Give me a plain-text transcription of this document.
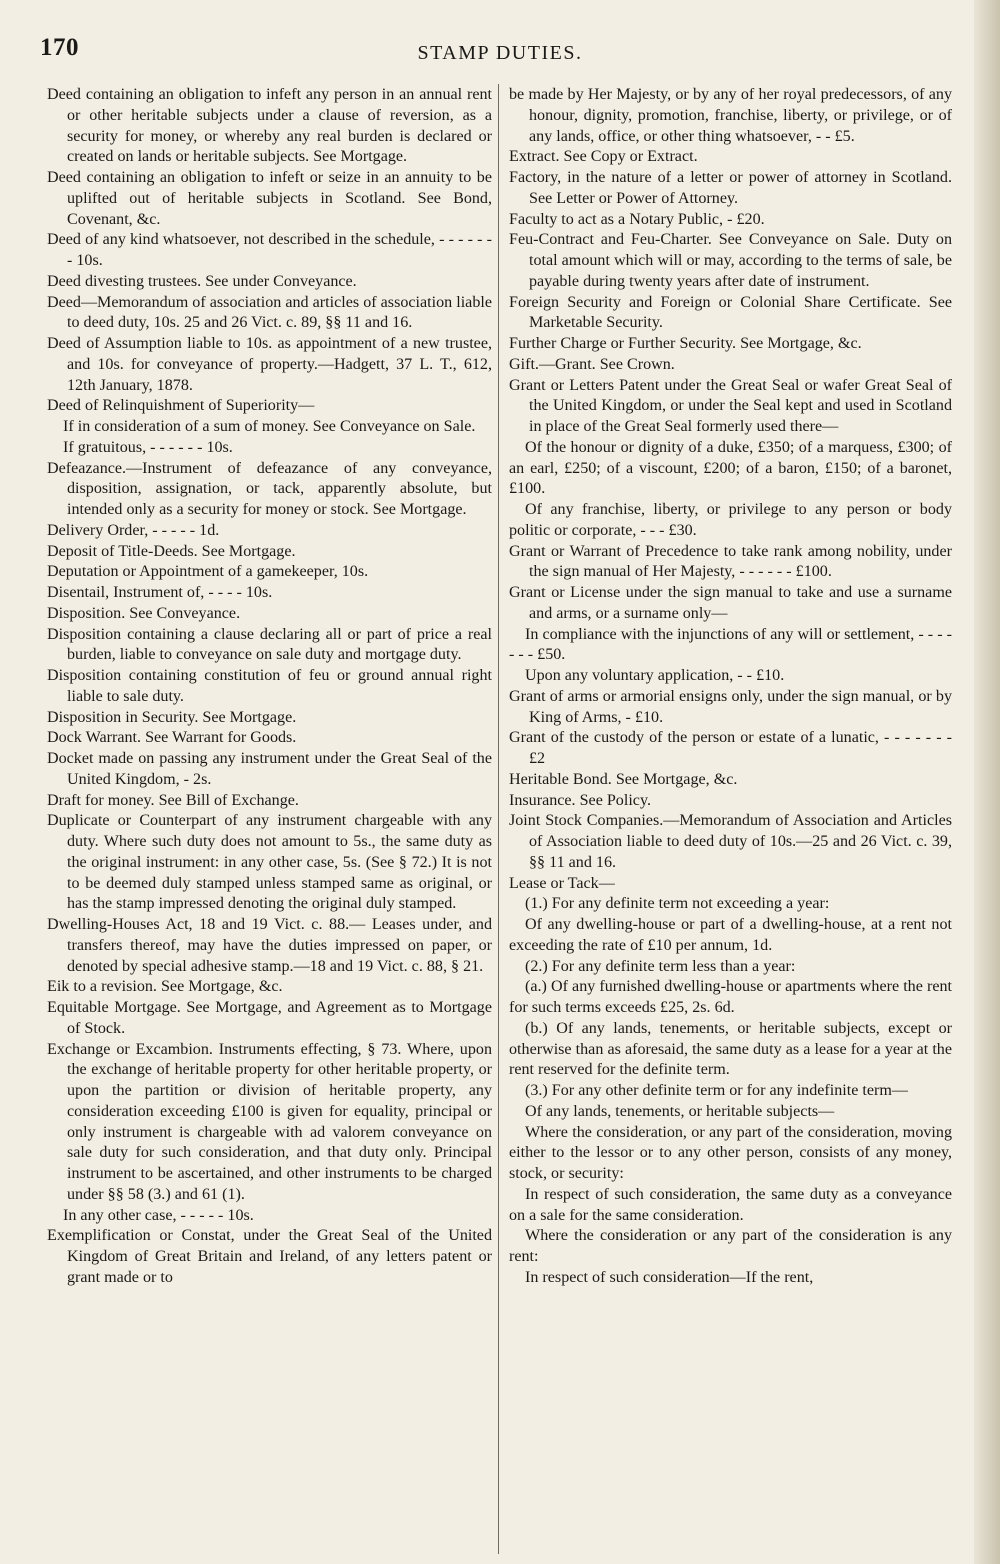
170	STAMP DUTIES.

Deed containing an obligation to infeft any person in an annual rent or other heritable subjects under a clause of reversion, as a security for money, or whereby any real burden is declared or created on lands or heritable subjects. See Mortgage.

Deed containing an obligation to infeft or seize in an annuity to be uplifted out of heritable subjects in Scotland. See Bond, Covenant, &c.

Deed of any kind whatsoever, not described in the schedule, - - - - - - - 10s.

Deed divesting trustees. See under Conveyance.

Deed—Memorandum of association and articles of association liable to deed duty, 10s. 25 and 26 Vict. c. 89, §§ 11 and 16.

Deed of Assumption liable to 10s. as appointment of a new trustee, and 10s. for conveyance of property.—Hadgett, 37 L. T., 612, 12th January, 1878.

Deed of Relinquishment of Superiority—

If in consideration of a sum of money. See Conveyance on Sale.

If gratuitous, - - - - - - 10s.

Defeazance.—Instrument of defeazance of any conveyance, disposition, assignation, or tack, apparently absolute, but intended only as a security for money or stock. See Mortgage.

Delivery Order, - - - - - 1d.

Deposit of Title-Deeds. See Mortgage.

Deputation or Appointment of a gamekeeper, 10s.

Disentail, Instrument of, - - - - 10s.

Disposition. See Conveyance.

Disposition containing a clause declaring all or part of price a real burden, liable to conveyance on sale duty and mortgage duty.

Disposition containing constitution of feu or ground annual right liable to sale duty.

Disposition in Security. See Mortgage.

Dock Warrant. See Warrant for Goods.

Docket made on passing any instrument under the Great Seal of the United Kingdom, - 2s.

Draft for money. See Bill of Exchange.

Duplicate or Counterpart of any instrument chargeable with any duty. Where such duty does not amount to 5s., the same duty as the original instrument: in any other case, 5s. (See § 72.) It is not to be deemed duly stamped unless stamped same as original, or has the stamp impressed denoting the original duly stamped.

Dwelling-Houses Act, 18 and 19 Vict. c. 88.— Leases under, and transfers thereof, may have the duties impressed on paper, or denoted by special adhesive stamp.—18 and 19 Vict. c. 88, § 21.

Eik to a revision. See Mortgage, &c.

Equitable Mortgage. See Mortgage, and Agreement as to Mortgage of Stock.

Exchange or Excambion. Instruments effecting, § 73. Where, upon the exchange of heritable property for other heritable property, or upon the partition or division of heritable property, any consideration exceeding £100 is given for equality, principal or only instrument is chargeable with ad valorem conveyance on sale duty for such consideration, and that duty only. Principal instrument to be ascertained, and other instruments to be charged under §§ 58 (3.) and 61 (1).

In any other case, - - - - - 10s.

Exemplification or Constat, under the Great Seal of the United Kingdom of Great Britain and Ireland, of any letters patent or grant made or to

be made by Her Majesty, or by any of her royal predecessors, of any honour, dignity, promotion, franchise, liberty, or privilege, or of any lands, office, or other thing whatsoever, - - £5.

Extract. See Copy or Extract.

Factory, in the nature of a letter or power of attorney in Scotland. See Letter or Power of Attorney.

Faculty to act as a Notary Public, - £20.

Feu-Contract and Feu-Charter. See Conveyance on Sale. Duty on total amount which will or may, according to the terms of sale, be payable during twenty years after date of instrument.

Foreign Security and Foreign or Colonial Share Certificate. See Marketable Security.

Further Charge or Further Security. See Mortgage, &c.

Gift.—Grant. See Crown.

Grant or Letters Patent under the Great Seal or wafer Great Seal of the United Kingdom, or under the Seal kept and used in Scotland in place of the Great Seal formerly used there—

Of the honour or dignity of a duke, £350; of a marquess, £300; of an earl, £250; of a viscount, £200; of a baron, £150; of a baronet, £100.

Of any franchise, liberty, or privilege to any person or body politic or corporate, - - - £30.

Grant or Warrant of Precedence to take rank among nobility, under the sign manual of Her Majesty, - - - - - - £100.

Grant or License under the sign manual to take and use a surname and arms, or a surname only—

In compliance with the injunctions of any will or settlement, - - - - - - - £50.

Upon any voluntary application, - - £10.

Grant of arms or armorial ensigns only, under the sign manual, or by King of Arms, - £10.

Grant of the custody of the person or estate of a lunatic, - - - - - - - £2

Heritable Bond. See Mortgage, &c.

Insurance. See Policy.

Joint Stock Companies.—Memorandum of Association and Articles of Association liable to deed duty of 10s.—25 and 26 Vict. c. 39, §§ 11 and 16.

Lease or Tack—

(1.) For any definite term not exceeding a year:

Of any dwelling-house or part of a dwelling-house, at a rent not exceeding the rate of £10 per annum, 1d.

(2.) For any definite term less than a year:

(a.) Of any furnished dwelling-house or apartments where the rent for such terms exceeds £25, 2s. 6d.

(b.) Of any lands, tenements, or heritable subjects, except or otherwise than as aforesaid, the same duty as a lease for a year at the rent reserved for the definite term.

(3.) For any other definite term or for any indefinite term—

Of any lands, tenements, or heritable subjects—

Where the consideration, or any part of the consideration, moving either to the lessor or to any other person, consists of any money, stock, or security:

In respect of such consideration, the same duty as a conveyance on a sale for the same consideration.

Where the consideration or any part of the consideration is any rent:

In respect of such consideration—If the rent,
